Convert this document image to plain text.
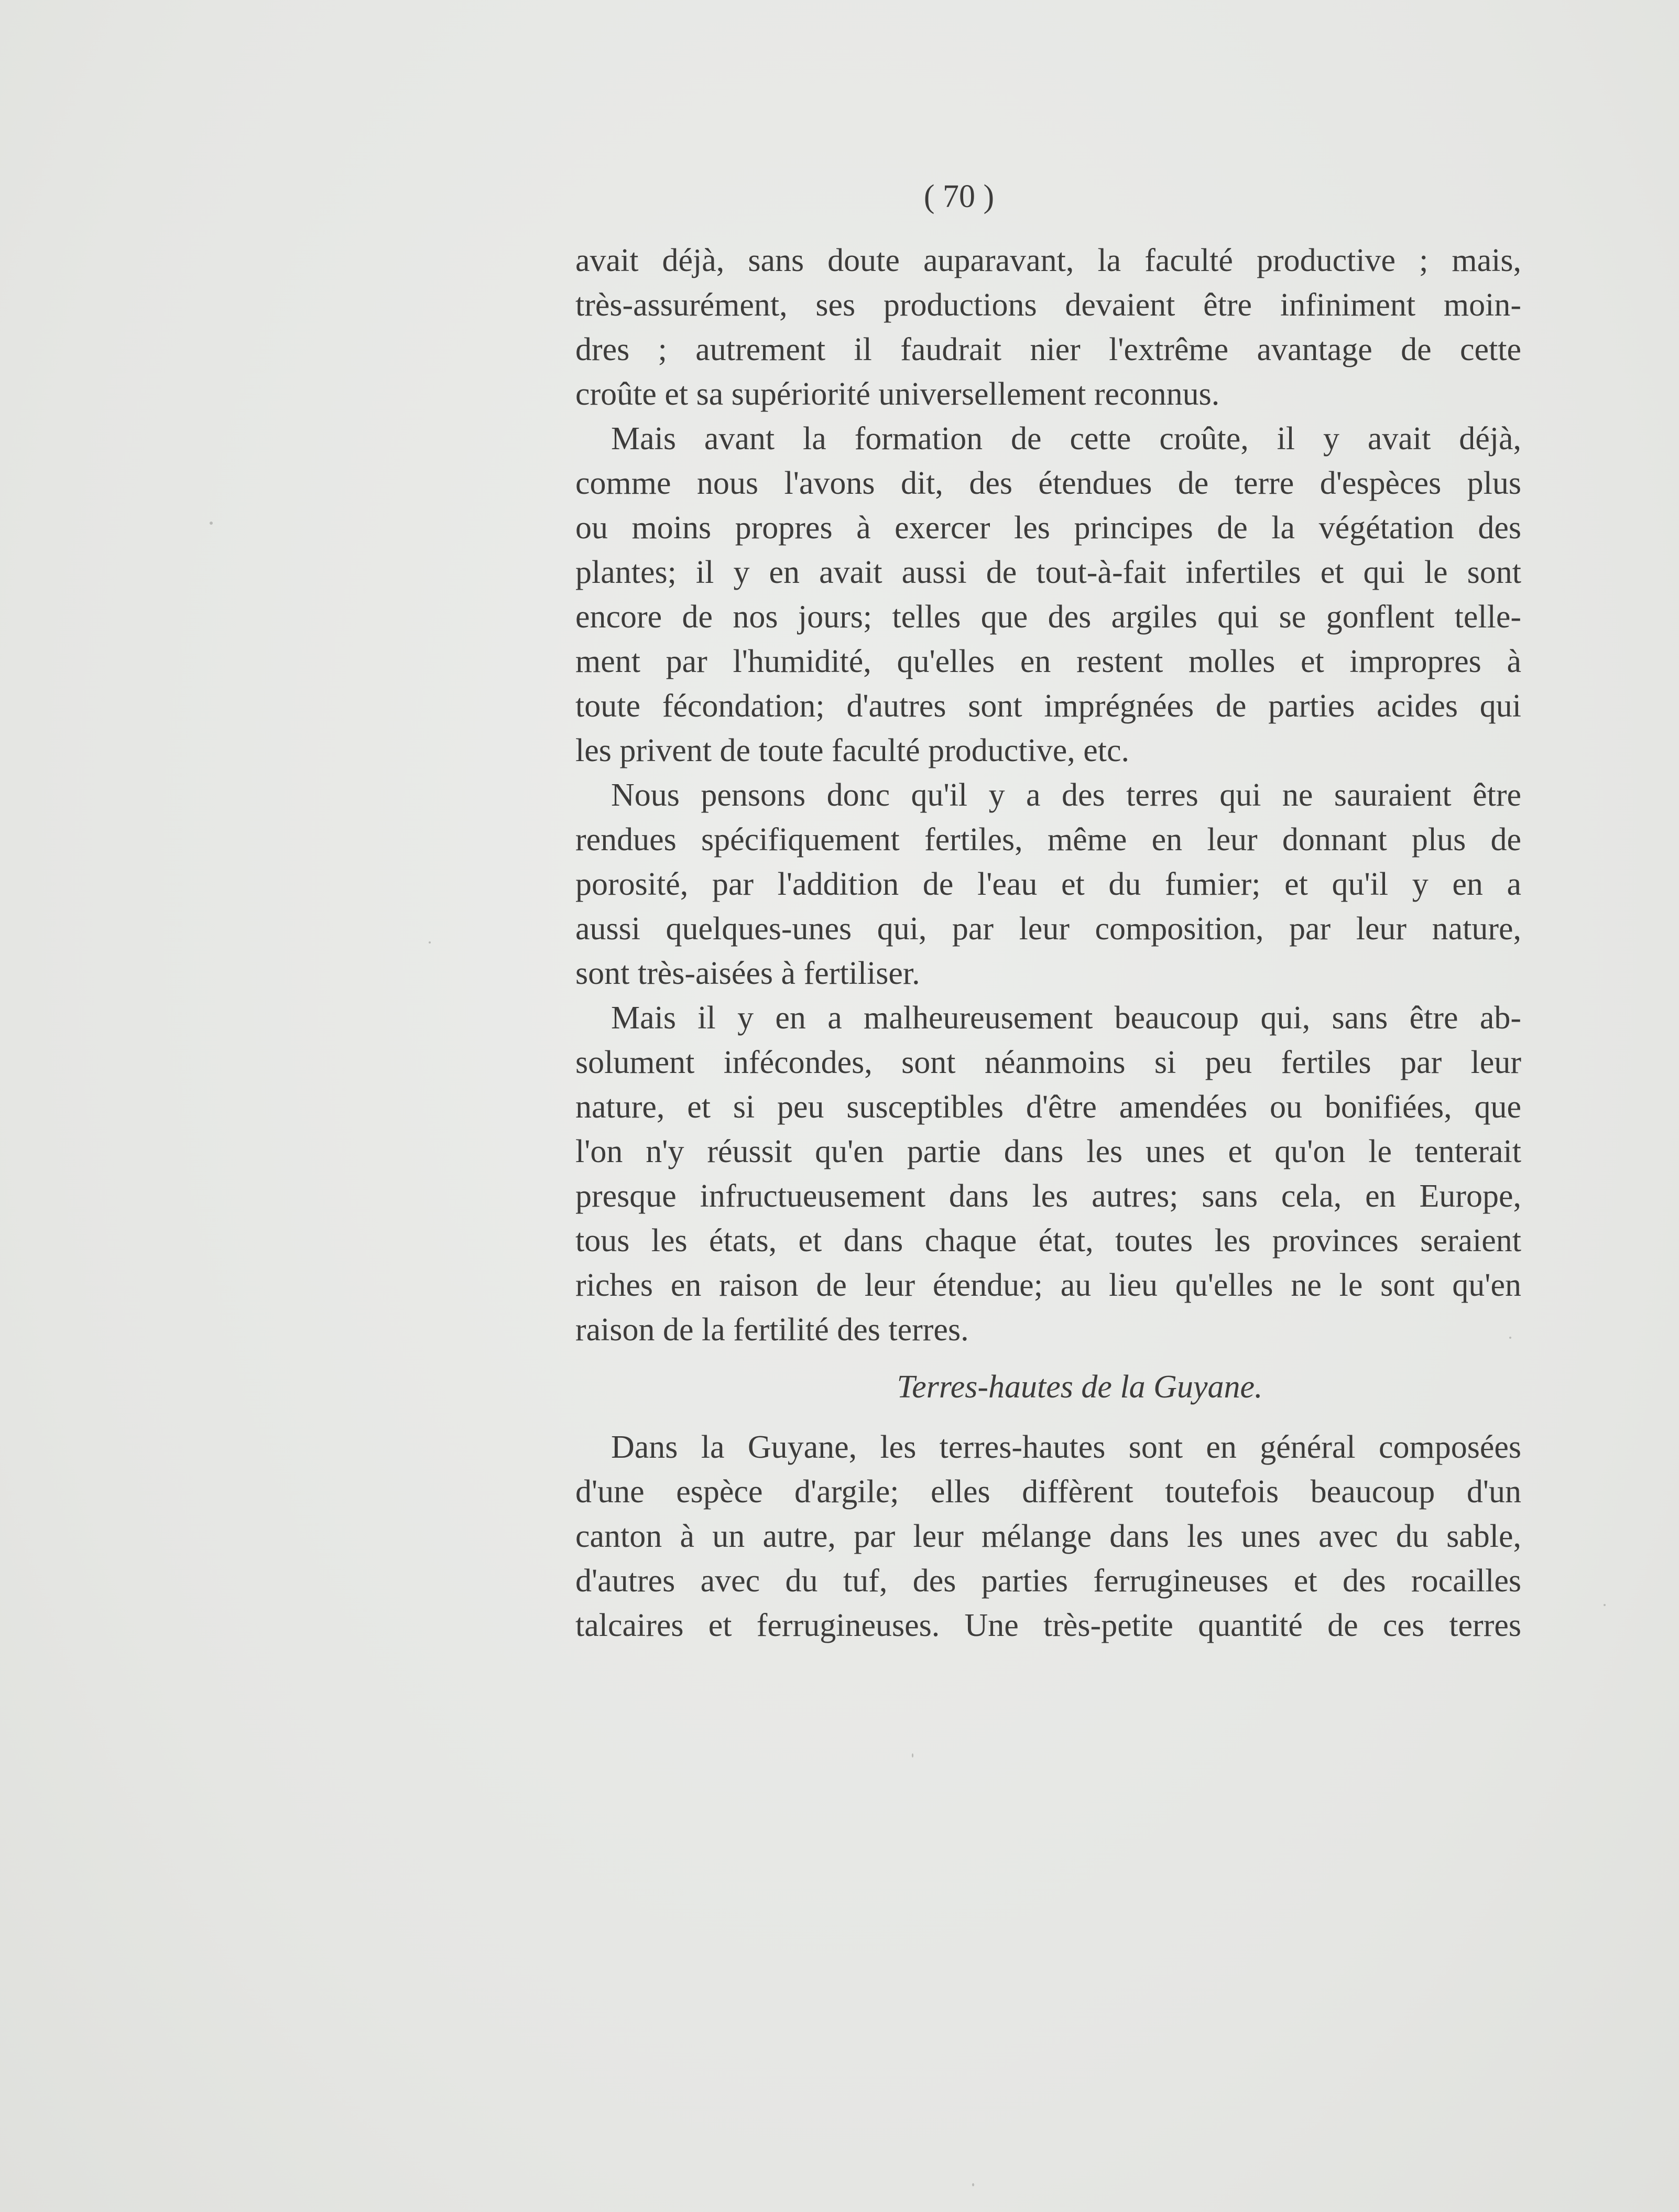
( 70 )
avait déjà, sans doute auparavant, la faculté productive ; mais,
très-assurément, ses productions devaient être infiniment moin-
dres ; autrement il faudrait nier l'extrême avantage de cette
croûte et sa supériorité universellement reconnus.
Mais avant la formation de cette croûte, il y avait déjà,
comme nous l'avons dit, des étendues de terre d'espèces plus
ou moins propres à exercer les principes de la végétation des
plantes; il y en avait aussi de tout-à-fait infertiles et qui le sont
encore de nos jours; telles que des argiles qui se gonflent telle-
ment par l'humidité, qu'elles en restent molles et impropres à
toute fécondation; d'autres sont imprégnées de parties acides qui
les privent de toute faculté productive, etc.
Nous pensons donc qu'il y a des terres qui ne sauraient être
rendues spécifiquement fertiles, même en leur donnant plus de
porosité, par l'addition de l'eau et du fumier; et qu'il y en a
aussi quelques-unes qui, par leur composition, par leur nature,
sont très-aisées à fertiliser.
Mais il y en a malheureusement beaucoup qui, sans être ab-
solument inféconde​s, sont néanmoins si peu fertiles par leur
nature, et si peu susceptibles d'être amendées ou bonifiées, que
l'on n'y réussit qu'en partie dans les unes et qu'on le tenterait
presque infructueusement dans les autres; sans cela, en Europe,
tous les états, et dans chaque état, toutes les provinces seraient
riches en raison de leur étendue; au lieu qu'elles ne le sont qu'en
raison de la fertilité des terres.
Terres-hautes de la Guyane.
Dans la Guyane, les terres-hautes sont en général composées
d'une espèce d'argile; elles diffèrent toutefois beaucoup d'un
canton à un autre, par leur mélange dans les unes avec du sable,
d'autres avec du tuf, des parties ferrugineuses et des rocailles
talcaires et ferrugineuses. Une très-petite quantité de ces terres
